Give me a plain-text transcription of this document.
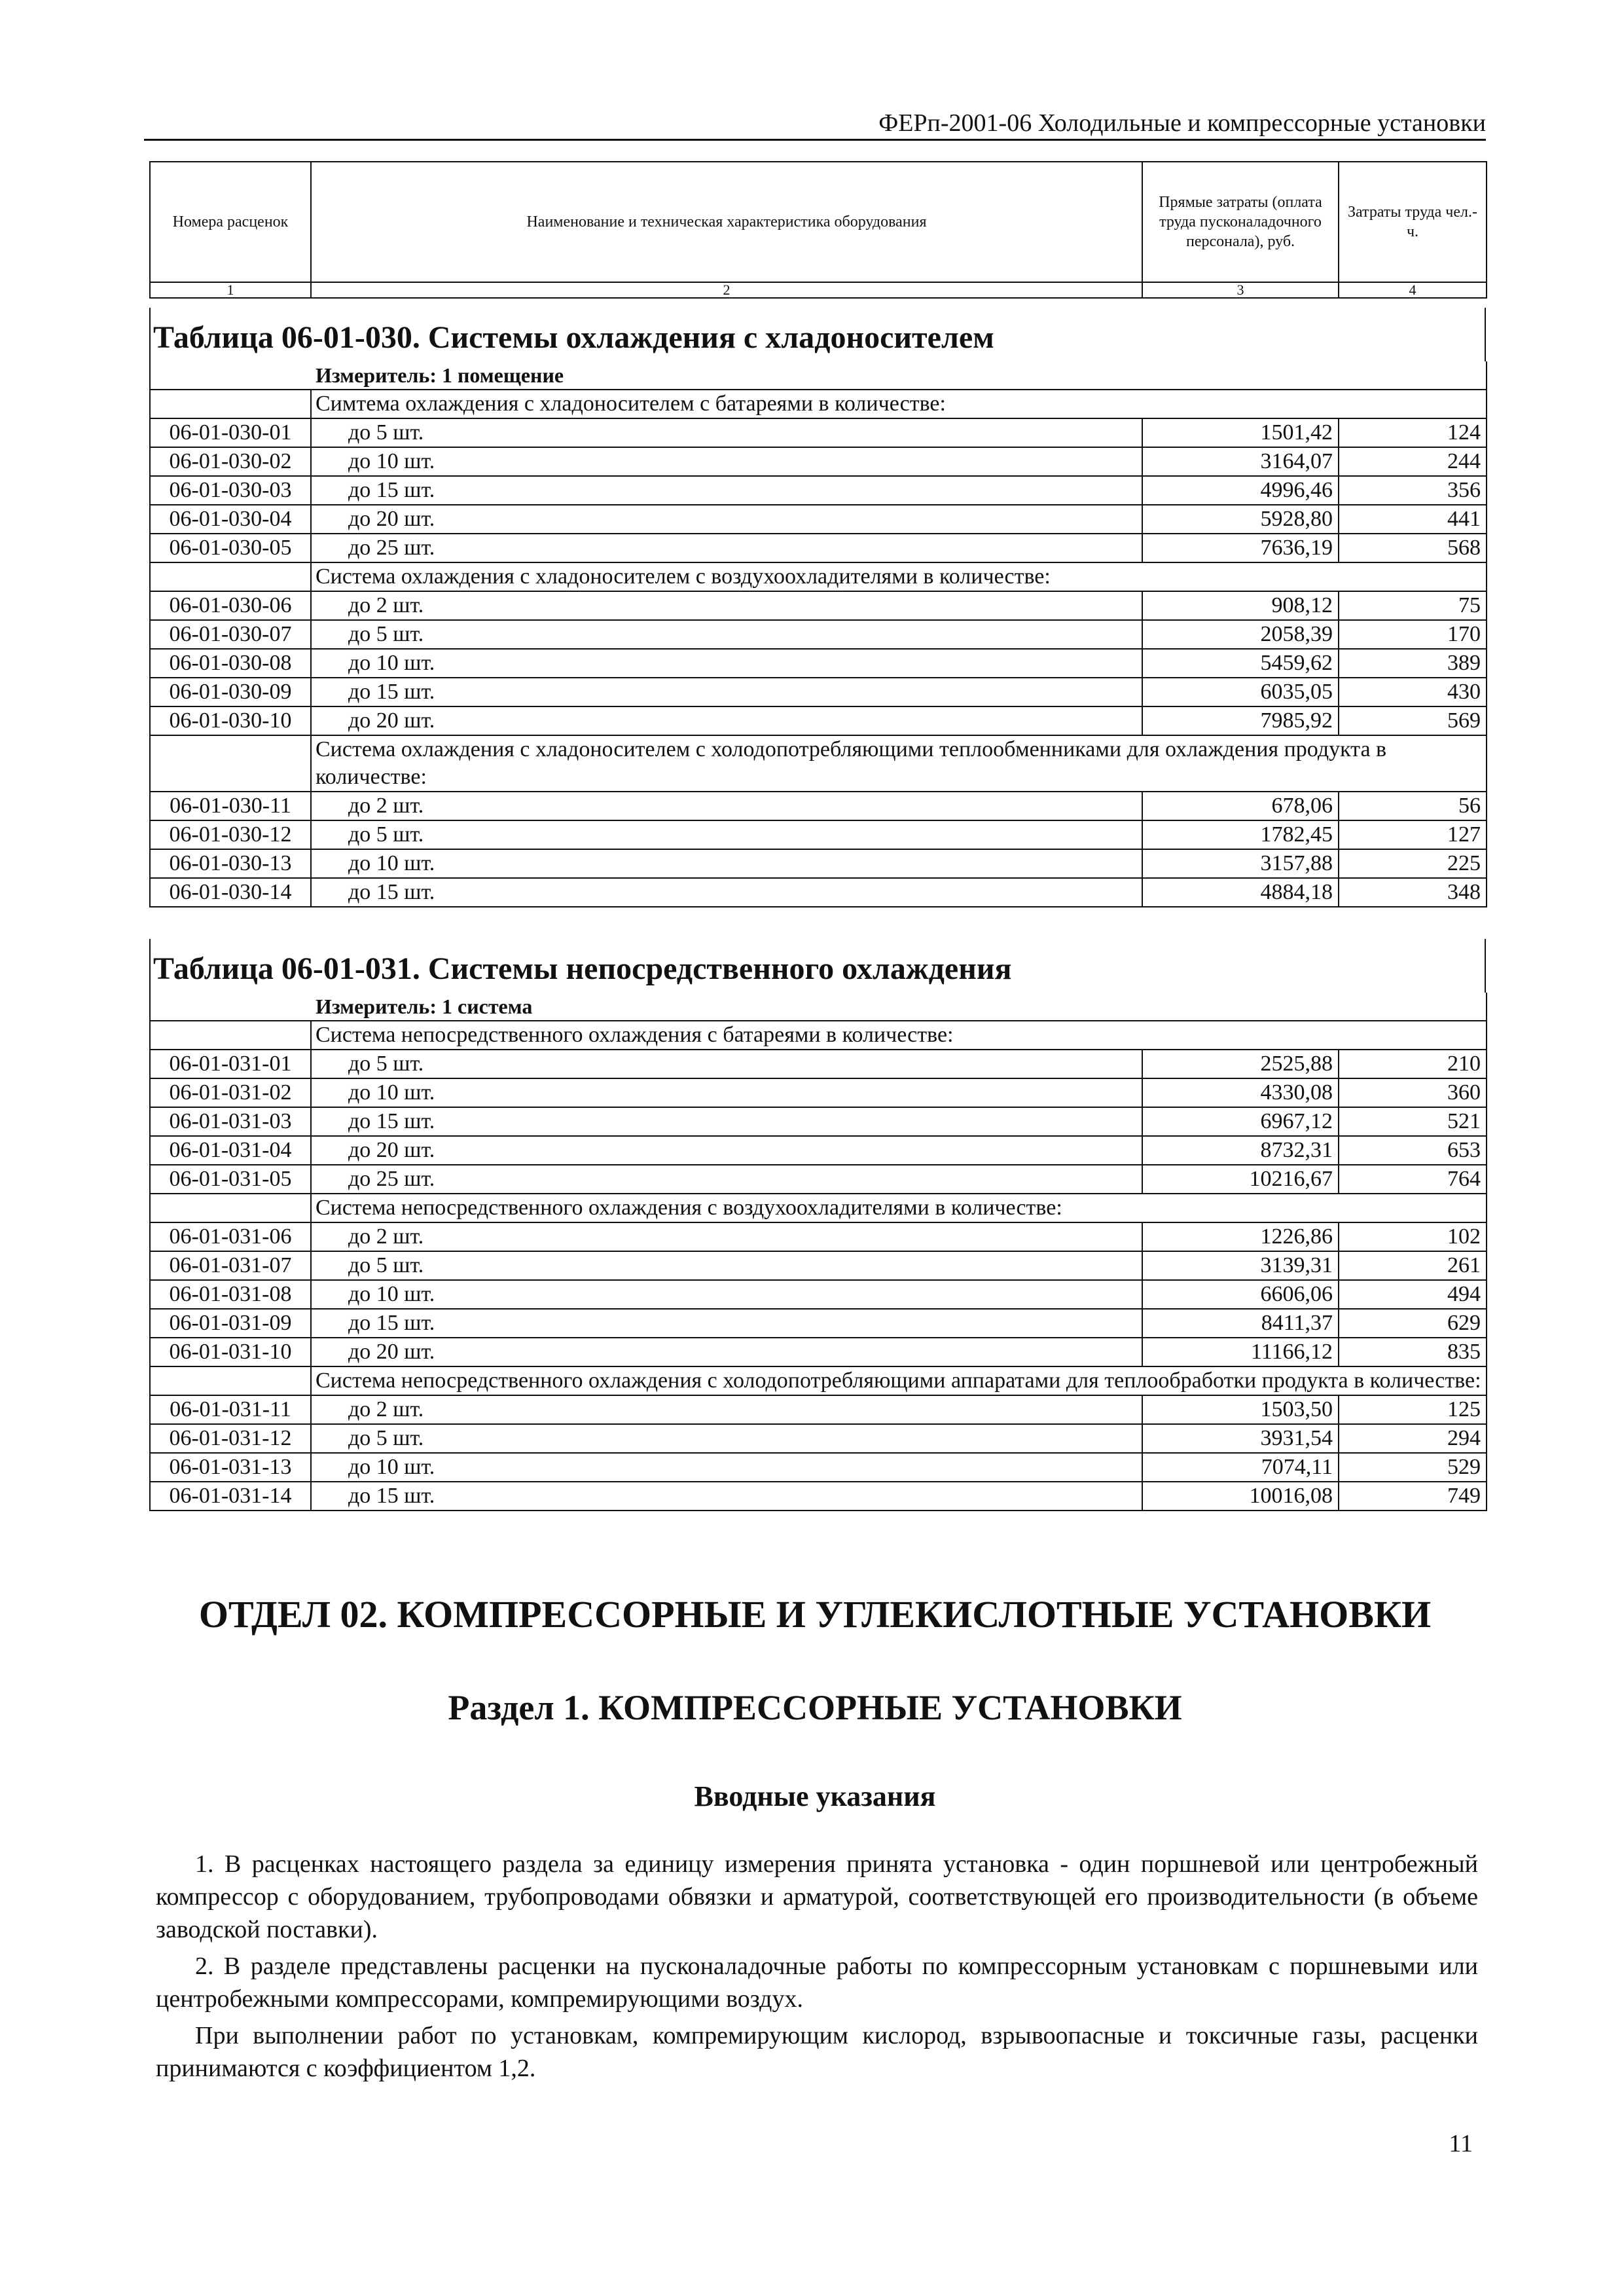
ФЕРп-2001-06 Холодильные и компрессорные установки
Номера расценок	Наименование и техническая характеристика оборудования	Прямые затраты (оплата труда пусконаладочного персонала), руб.	Затраты труда чел.-ч.
1	2	3	4
Таблица 06-01-030. Системы охлаждения с хладоносителем
Измеритель: 1 помещение			
	Симтема охлаждения с хладоносителем с батареями в количестве:		
06-01-030-01	до 5 шт.	1501,42	124
06-01-030-02	до 10 шт.	3164,07	244
06-01-030-03	до 15 шт.	4996,46	356
06-01-030-04	до 20 шт.	5928,80	441
06-01-030-05	до 25 шт.	7636,19	568
	Система охлаждения с хладоносителем с воздухоохладителями в количестве:		
06-01-030-06	до 2 шт.	908,12	75
06-01-030-07	до 5 шт.	2058,39	170
06-01-030-08	до 10 шт.	5459,62	389
06-01-030-09	до 15 шт.	6035,05	430
06-01-030-10	до 20 шт.	7985,92	569
	Система охлаждения с хладоносителем с холодопотребляющими теплообменниками для охлаждения продукта в количестве:		
06-01-030-11	до 2 шт.	678,06	56
06-01-030-12	до 5 шт.	1782,45	127
06-01-030-13	до 10 шт.	3157,88	225
06-01-030-14	до 15 шт.	4884,18	348
Таблица 06-01-031. Системы непосредственного охлаждения
Измеритель: 1 система			
	Система непосредственного охлаждения с батареями в количестве:		
06-01-031-01	до 5 шт.	2525,88	210
06-01-031-02	до 10 шт.	4330,08	360
06-01-031-03	до 15 шт.	6967,12	521
06-01-031-04	до 20 шт.	8732,31	653
06-01-031-05	до 25 шт.	10216,67	764
	Система непосредственного охлаждения с воздухоохладителями в количестве:		
06-01-031-06	до 2 шт.	1226,86	102
06-01-031-07	до 5 шт.	3139,31	261
06-01-031-08	до 10 шт.	6606,06	494
06-01-031-09	до 15 шт.	8411,37	629
06-01-031-10	до 20 шт.	11166,12	835
	Система непосредственного охлаждения с холодопотребляющими аппаратами для теплообработки продукта в количестве:		
06-01-031-11	до 2 шт.	1503,50	125
06-01-031-12	до 5 шт.	3931,54	294
06-01-031-13	до 10 шт.	7074,11	529
06-01-031-14	до 15 шт.	10016,08	749
ОТДЕЛ 02. КОМПРЕССОРНЫЕ И УГЛЕКИСЛОТНЫЕ УСТАНОВКИ
Раздел 1. КОМПРЕССОРНЫЕ УСТАНОВКИ
Вводные указания

1. В расценках настоящего раздела за единицу измерения принята установка - один поршневой или центробежный компрессор с оборудованием, трубопроводами обвязки и арматурой, соответствующей его производительности (в объеме заводской поставки).

2. В разделе представлены расценки на пусконаладочные работы по компрессорным установкам с поршневыми или центробежными компрессорами, компремирующими воздух.

При выполнении работ по установкам, компремирующим кислород, взрывоопасные и токсичные газы, расценки принимаются с коэффициентом 1,2.

11
